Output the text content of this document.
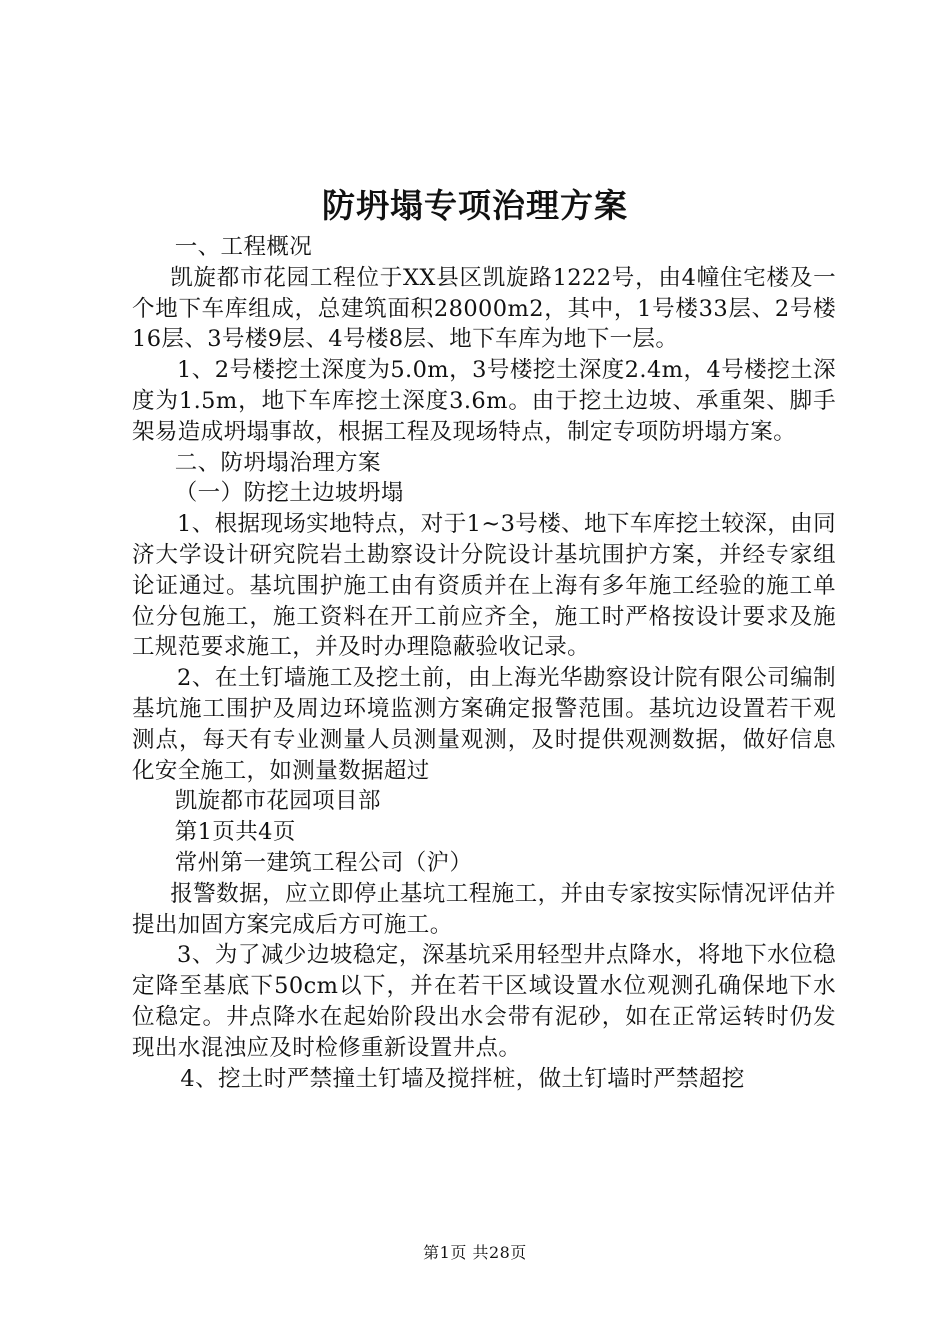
防坍塌专项治理方案

一、工程概况

凯旋都市花园工程位于XX县区凯旋路1222号，由4幢住宅楼及一个地下车库组成，总建筑面积28000m2，其中，1号楼33层、2号楼16层、3号楼9层、4号楼8层、地下车库为地下一层。

1、2号楼挖土深度为5.0m，3号楼挖土深度2.4m，4号楼挖土深度为1.5m，地下车库挖土深度3.6m。由于挖土边坡、承重架、脚手架易造成坍塌事故，根据工程及现场特点，制定专项防坍塌方案。

二、防坍塌治理方案

（一）防挖土边坡坍塌

1、根据现场实地特点，对于1~3号楼、地下车库挖土较深，由同济大学设计研究院岩土勘察设计分院设计基坑围护方案，并经专家组论证通过。基坑围护施工由有资质并在上海有多年施工经验的施工单位分包施工，施工资料在开工前应齐全，施工时严格按设计要求及施工规范要求施工，并及时办理隐蔽验收记录。

2、在土钉墙施工及挖土前，由上海光华勘察设计院有限公司编制基坑施工围护及周边环境监测方案确定报警范围。基坑边设置若干观测点，每天有专业测量人员测量观测，及时提供观测数据，做好信息化安全施工，如测量数据超过

凯旋都市花园项目部

第1页共4页

常州第一建筑工程公司（沪）

报警数据，应立即停止基坑工程施工，并由专家按实际情况评估并提出加固方案完成后方可施工。

3、为了减少边坡稳定，深基坑采用轻型井点降水，将地下水位稳定降至基底下50cm以下，并在若干区域设置水位观测孔确保地下水位稳定。井点降水在起始阶段出水会带有泥砂，如在正常运转时仍发现出水混浊应及时检修重新设置井点。

4、挖土时严禁撞土钉墙及搅拌桩，做土钉墙时严禁超挖

第1页 共28页
